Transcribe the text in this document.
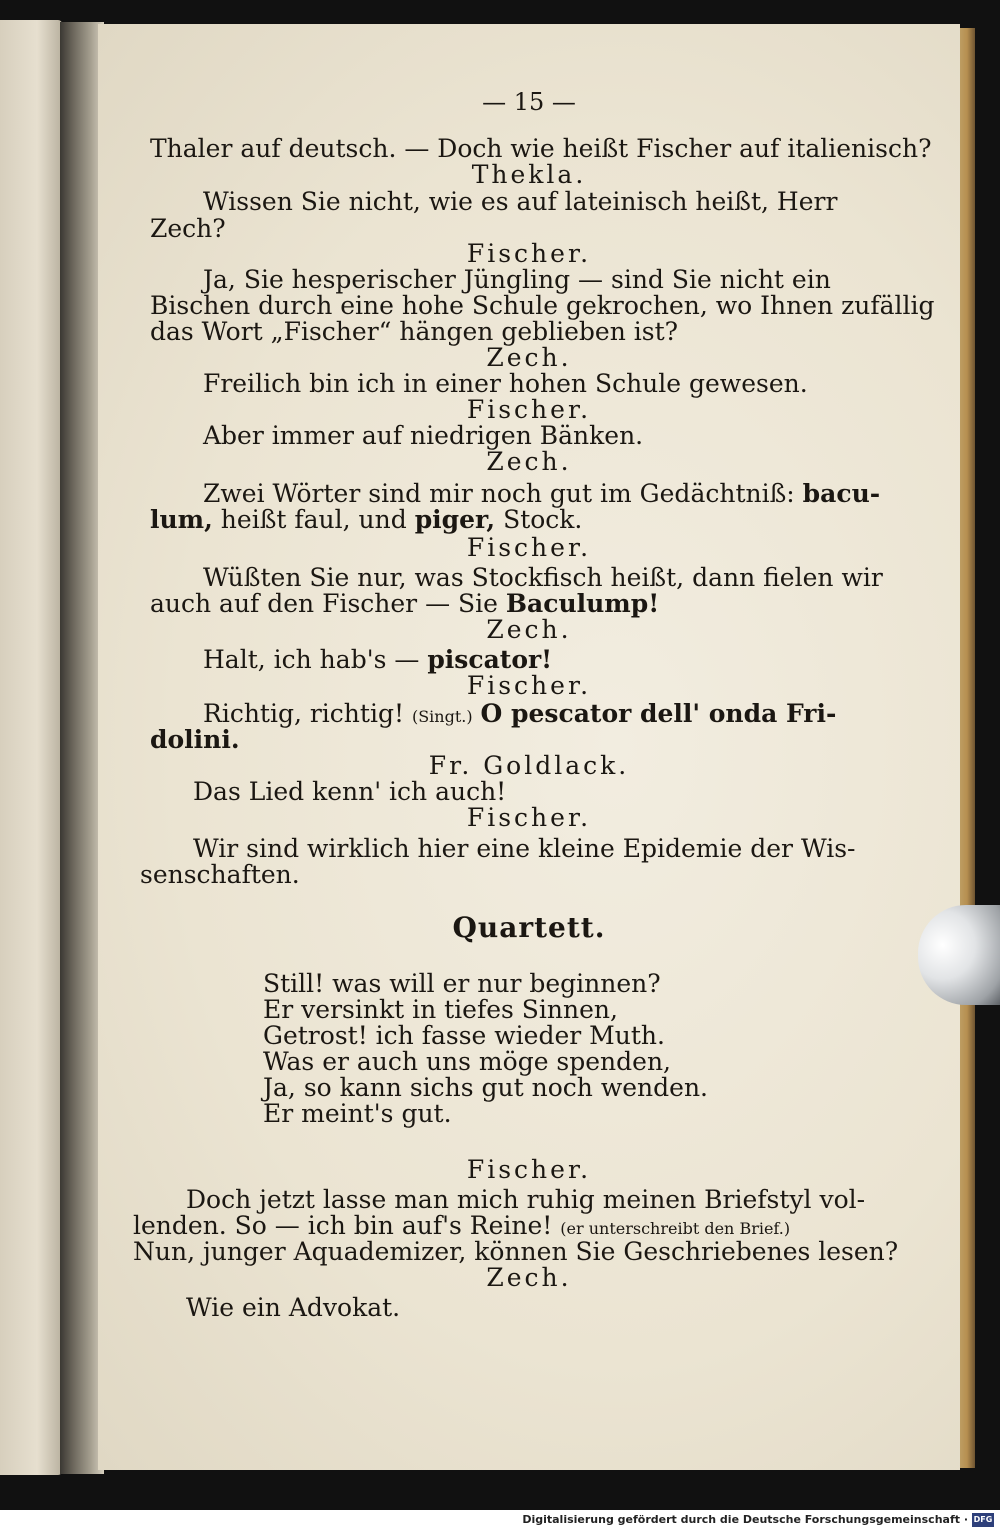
— 15 —
Thaler auf deutsch. — Doch wie heißt Fischer auf italienisch?
Thekla.
Wissen Sie nicht, wie es auf lateinisch heißt, Herr
Zech?
Fischer.
Ja, Sie hesperischer Jüngling — sind Sie nicht ein
Bischen durch eine hohe Schule gekrochen, wo Ihnen zufällig
das Wort „Fischer“ hängen geblieben ist?
Zech.
Freilich bin ich in einer hohen Schule gewesen.
Fischer.
Aber immer auf niedrigen Bänken.
Zech.
Zwei Wörter sind mir noch gut im Gedächtniß: bacu-
lum, heißt faul, und piger, Stock.
Fischer.
Wüßten Sie nur, was Stockfisch heißt, dann fielen wir
auch auf den Fischer — Sie Baculump!
Zech.
Halt, ich hab's — piscator!
Fischer.
Richtig, richtig! (Singt.) O pescator dell' onda Fri-
dolini.
Fr. Goldlack.
Das Lied kenn' ich auch!
Fischer.
Wir sind wirklich hier eine kleine Epidemie der Wis-
senschaften.
Quartett.
Still! was will er nur beginnen?
Er versinkt in tiefes Sinnen,
Getrost! ich fasse wieder Muth.
Was er auch uns möge spenden,
Ja, so kann sichs gut noch wenden.
Er meint's gut.
Fischer.
Doch jetzt lasse man mich ruhig meinen Briefstyl vol-
lenden. So — ich bin auf's Reine! (er unterschreibt den Brief.)
Nun, junger Aquademizer, können Sie Geschriebenes lesen?
Zech.
Wie ein Advokat.
Digitalisierung gefördert durch die Deutsche Forschungsgemeinschaft · DFG
